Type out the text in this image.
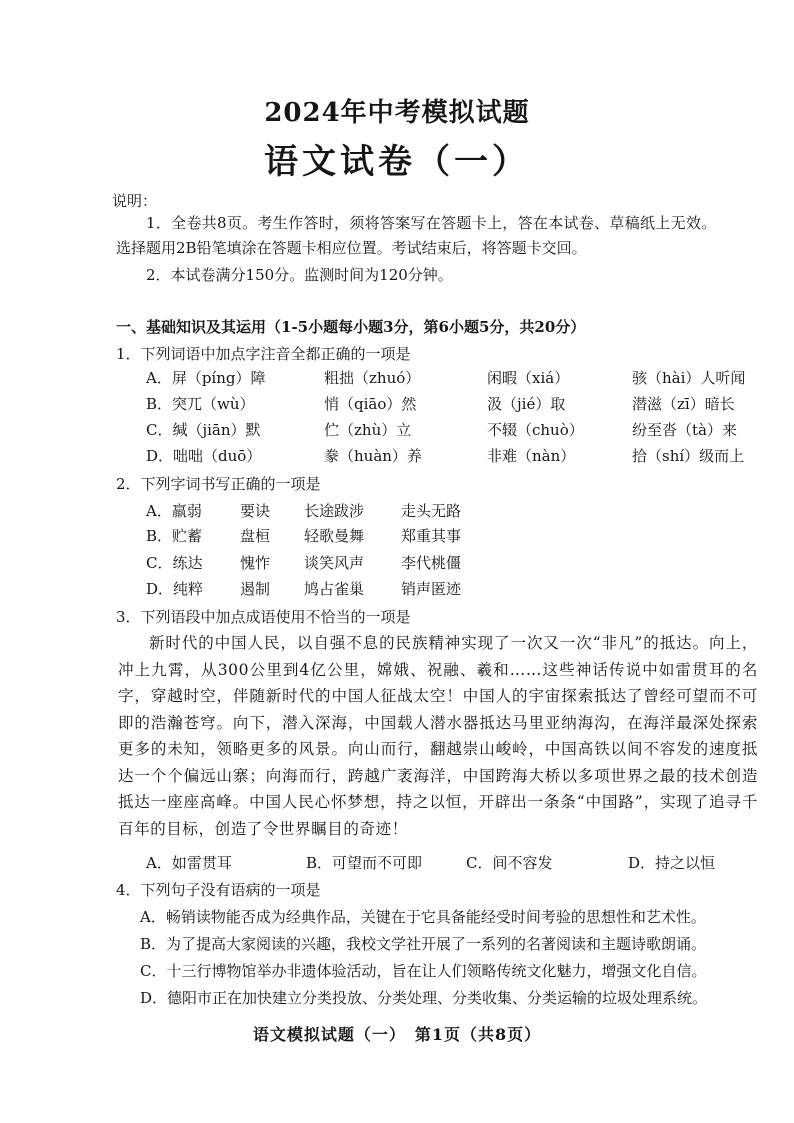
2024年中考模拟试题
语文试卷（一）
说明：
1．全卷共8页。考生作答时，须将答案写在答题卡上，答在本试卷、草稿纸上无效。
选择题用2B铅笔填涂在答题卡相应位置。考试结束后，将答题卡交回。
2．本试卷满分150分。监测时间为120分钟。
一、基础知识及其运用（1-5小题每小题3分，第6小题5分，共20分）
1．下列词语中加点字注音全都正确的一项是
A．屏（píng）障	粗拙（zhuó）	闲暇（xiá）	骇（hài）人听闻
B．突兀（wù）	悄（qiāo）然	汲（jié）取	潜滋（zī）暗长
C．缄（jiān）默	伫（zhù）立	不辍（chuò）	纷至沓（tà）来
D．咄咄（duō）	豢（huàn）养	非难（nàn）	拾（shí）级而上
2．下列字词书写正确的一项是
A．羸弱	要诀 长途跋涉 走头无路
B．贮蓄	盘桓 轻歌曼舞 郑重其事
C．练达	愧怍 谈笑风声 李代桃僵
D．纯粹 遏制 鸠占雀巢 销声匿迹
3．下列语段中加点成语使用不恰当的一项是

新时代的中国人民，以自强不息的民族精神实现了一次又一次“非凡”的抵达。向上，冲上九霄，从300公里到4亿公里，嫦娥、祝融、羲和……这些神话传说中如雷贯耳的名字，穿越时空，伴随新时代的中国人征战太空！中国人的宇宙探索抵达了曾经可望而不可即的浩瀚苍穹。向下，潜入深海，中国载人潜水器抵达马里亚纳海沟，在海洋最深处探索更多的未知，领略更多的风景。向山而行，翻越崇山峻岭，中国高铁以间不容发的速度抵达一个个偏远山寨；向海而行，跨越广袤海洋，中国跨海大桥以多项世界之最的技术创造抵达一座座高峰。中国人民心怀梦想，持之以恒，开辟出一条条“中国路”，实现了追寻千百年的目标，创造了令世界瞩目的奇迹！

A．如雷贯耳	B．可望而不可即	C．间不容发	D．持之以恒
4．下列句子没有语病的一项是
A．畅销读物能否成为经典作品，关键在于它具备能经受时间考验的思想性和艺术性。
B．为了提高大家阅读的兴趣，我校文学社开展了一系列的名著阅读和主题诗歌朗诵。
C．十三行博物馆举办非遗体验活动，旨在让人们领略传统文化魅力，增强文化自信。
D．德阳市正在加快建立分类投放、分类处理、分类收集、分类运输的垃圾处理系统。
语文模拟试题（一）　第1页（共8页）
